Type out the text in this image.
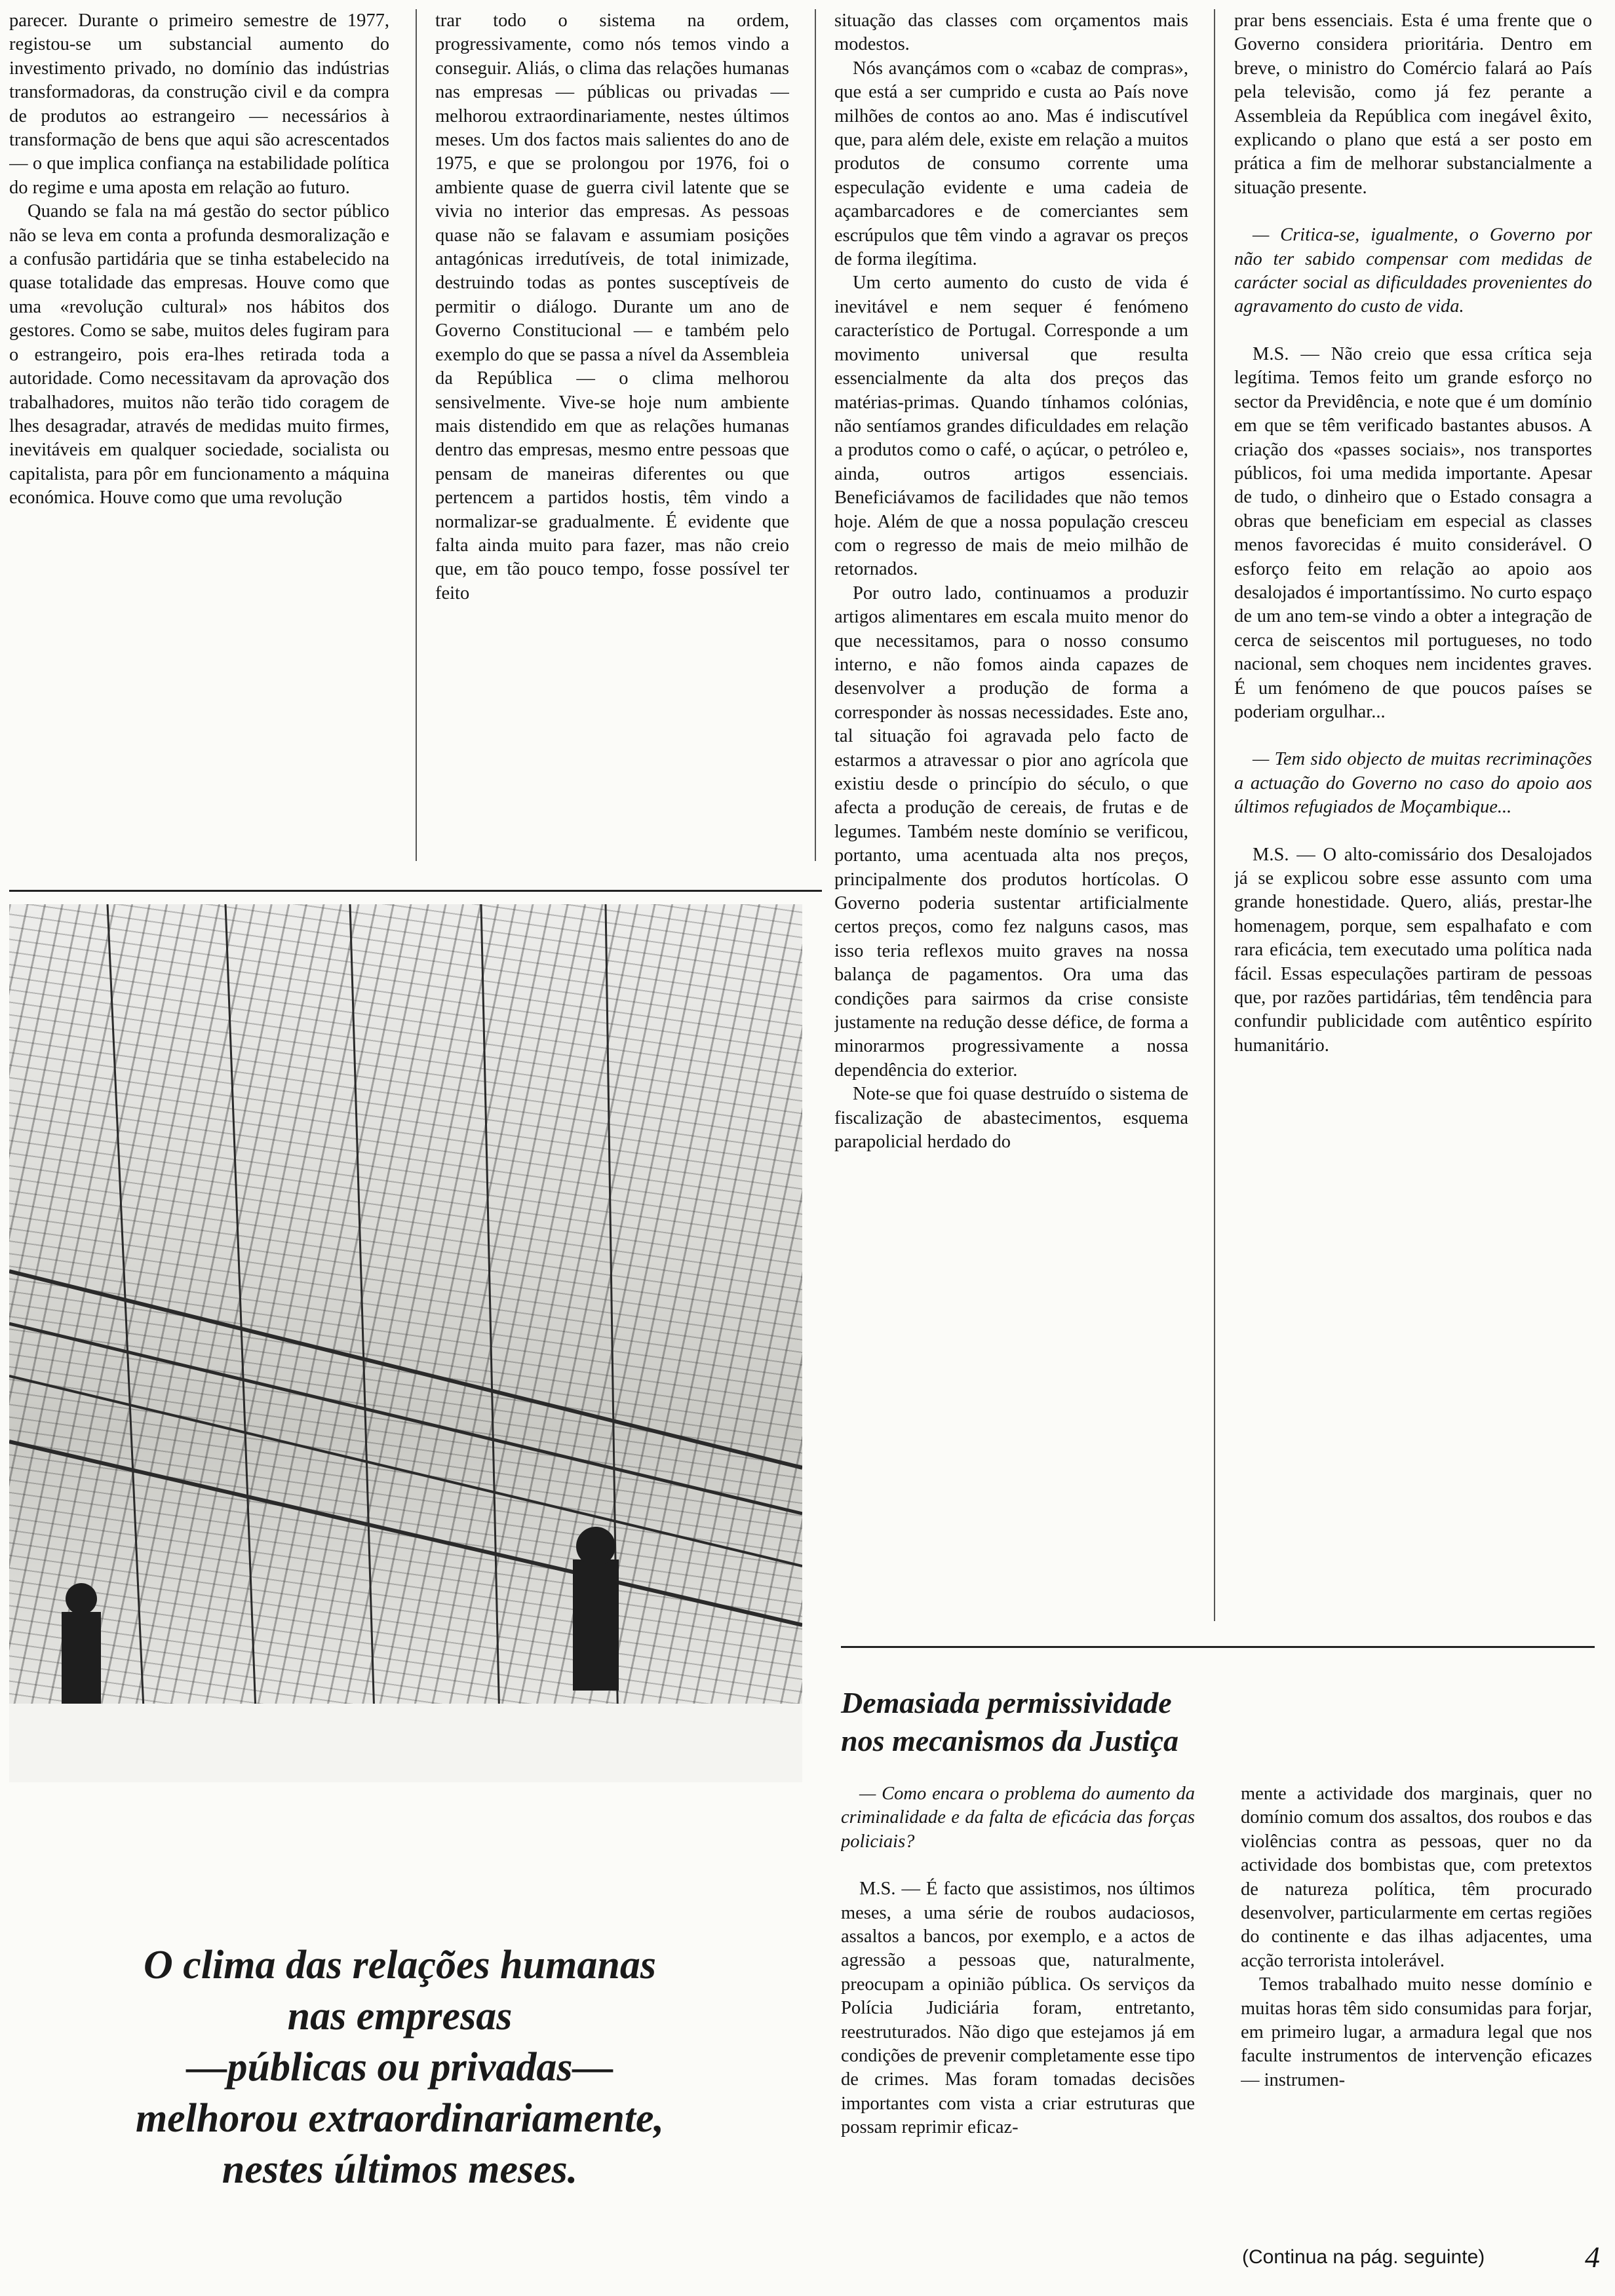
parecer. Durante o primeiro semestre de 1977, registou-se um substancial aumento do investimento privado, no domínio das indústrias transformadoras, da construção civil e da compra de produtos ao estrangeiro — necessários à transformação de bens que aqui são acrescentados — o que implica confiança na estabilidade política do regime e uma aposta em relação ao futuro.

Quando se fala na má gestão do sector público não se leva em conta a profunda desmoralização e a confusão partidária que se tinha estabelecido na quase totalidade das empresas. Houve como que uma «revolução cultural» nos hábitos dos gestores. Como se sabe, muitos deles fugiram para o estrangeiro, pois era-lhes retirada toda a autoridade. Como necessitavam da aprovação dos trabalhadores, muitos não terão tido coragem de lhes desagradar, através de medidas muito firmes, inevitáveis em qualquer sociedade, socialista ou capitalista, para pôr em funcionamento a máquina económica. Houve como que uma revolução

trar todo o sistema na ordem, progressivamente, como nós temos vindo a conseguir. Aliás, o clima das relações humanas nas empresas — públicas ou privadas — melhorou extraordinariamente, nestes últimos meses. Um dos factos mais salientes do ano de 1975, e que se prolongou por 1976, foi o ambiente quase de guerra civil latente que se vivia no interior das empresas. As pessoas quase não se falavam e assumiam posições antagónicas irredutíveis, de total inimizade, destruindo todas as pontes susceptíveis de permitir o diálogo. Durante um ano de Governo Constitucional — e também pelo exemplo do que se passa a nível da Assembleia da República — o clima melhorou sensivelmente. Vive-se hoje num ambiente mais distendido em que as relações humanas dentro das empresas, mesmo entre pessoas que pensam de maneiras diferentes ou que pertencem a partidos hostis, têm vindo a normalizar-se gradualmente. É evidente que falta ainda muito para fazer, mas não creio que, em tão pouco tempo, fosse possível ter feito

situação das classes com orçamentos mais modestos.

Nós avançámos com o «cabaz de compras», que está a ser cumprido e custa ao País nove milhões de contos ao ano. Mas é indiscutível que, para além dele, existe em relação a muitos produtos de consumo corrente uma especulação evidente e uma cadeia de açambarcadores e de comerciantes sem escrúpulos que têm vindo a agravar os preços de forma ilegítima.

Um certo aumento do custo de vida é inevitável e nem sequer é fenómeno característico de Portugal. Corresponde a um movimento universal que resulta essencialmente da alta dos preços das matérias-primas. Quando tínhamos colónias, não sentíamos grandes dificuldades em relação a produtos como o café, o açúcar, o petróleo e, ainda, outros artigos essenciais. Beneficiávamos de facilidades que não temos hoje. Além de que a nossa população cresceu com o regresso de mais de meio milhão de retornados.

Por outro lado, continuamos a produzir artigos alimentares em escala muito menor do que necessitamos, para o nosso consumo interno, e não fomos ainda capazes de desenvolver a produção de forma a corresponder às nossas necessidades. Este ano, tal situação foi agravada pelo facto de estarmos a atravessar o pior ano agrícola que existiu desde o princípio do século, o que afecta a produção de cereais, de frutas e de legumes. Também neste domínio se verificou, portanto, uma acentuada alta nos preços, principalmente dos produtos hortícolas. O Governo poderia sustentar artificialmente certos preços, como fez nalguns casos, mas isso teria reflexos muito graves na nossa balança de pagamentos. Ora uma das condições para sairmos da crise consiste justamente na redução desse défice, de forma a minorarmos progressivamente a nossa dependência do exterior.

Note-se que foi quase destruído o sistema de fiscalização de abastecimentos, esquema parapolicial herdado do

prar bens essenciais. Esta é uma frente que o Governo considera prioritária. Dentro em breve, o ministro do Comércio falará ao País pela televisão, como já fez perante a Assembleia da República com inegável êxito, explicando o plano que está a ser posto em prática a fim de melhorar substancialmente a situação presente.

— Critica-se, igualmente, o Governo por não ter sabido compensar com medidas de carácter social as dificuldades provenientes do agravamento do custo de vida.

M.S. — Não creio que essa crítica seja legítima. Temos feito um grande esforço no sector da Previdência, e note que é um domínio em que se têm verificado bastantes abusos. A criação dos «passes sociais», nos transportes públicos, foi uma medida importante. Apesar de tudo, o dinheiro que o Estado consagra a obras que beneficiam em especial as classes menos favorecidas é muito considerável. O esforço feito em relação ao apoio aos desalojados é importantíssimo. No curto espaço de um ano tem-se vindo a obter a integração de cerca de seiscentos mil portugueses, no todo nacional, sem choques nem incidentes graves. É um fenómeno de que poucos países se poderiam orgulhar...

— Tem sido objecto de muitas recriminações a actuação do Governo no caso do apoio aos últimos refugiados de Moçambique...

M.S. — O alto-comissário dos Desalojados já se explicou sobre esse assunto com uma grande honestidade. Quero, aliás, prestar-lhe homenagem, porque, sem espalhafato e com rara eficácia, tem executado uma política nada fácil. Essas especulações partiram de pessoas que, por razões partidárias, têm tendência para confundir publicidade com autêntico espírito humanitário.

O clima das relações humanas
nas empresas
—públicas ou privadas—
melhorou extraordinariamente,
nestes últimos meses.
Demasiada permissividade
nos mecanismos da Justiça

— Como encara o problema do aumento da criminalidade e da falta de eficácia das forças policiais?

M.S. — É facto que assistimos, nos últimos meses, a uma série de roubos audaciosos, assaltos a bancos, por exemplo, e a actos de agressão a pessoas que, naturalmente, preocupam a opinião pública. Os serviços da Polícia Judiciária foram, entretanto, reestruturados. Não digo que estejamos já em condições de prevenir completamente esse tipo de crimes. Mas foram tomadas decisões importantes com vista a criar estruturas que possam reprimir eficaz-

mente a actividade dos marginais, quer no domínio comum dos assaltos, dos roubos e das violências contra as pessoas, quer no da actividade dos bombistas que, com pretextos de natureza política, têm procurado desenvolver, particularmente em certas regiões do continente e das ilhas adjacentes, uma acção terrorista intolerável.

Temos trabalhado muito nesse domínio e muitas horas têm sido consumidas para forjar, em primeiro lugar, a armadura legal que nos faculte instrumentos de intervenção eficazes — instrumen-

(Continua na pág. seguinte)	4
